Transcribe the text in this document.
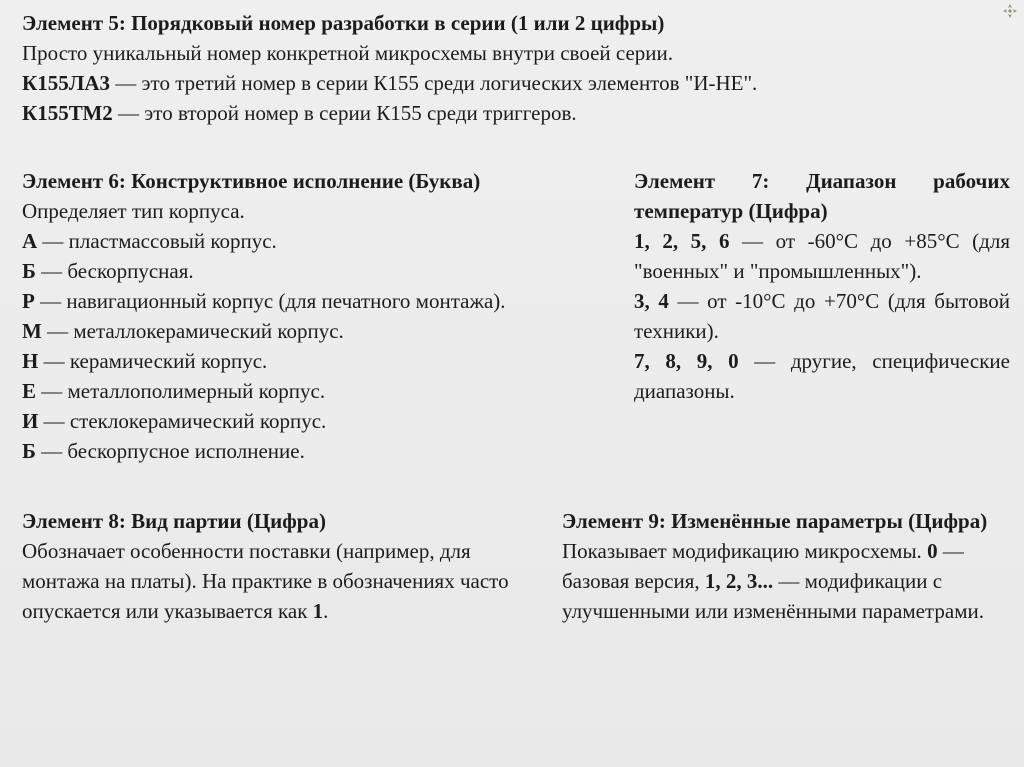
Элемент 5: Порядковый номер разработки в серии (1 или 2 цифры)

Просто уникальный номер конкретной микросхемы внутри своей серии.

К155ЛА3 — это третий номер в серии К155 среди логических элементов "И-НЕ".

К155ТМ2 — это второй номер в серии К155 среди триггеров.

Элемент 6: Конструктивное исполнение (Буква)

Определяет тип корпуса.

А — пластмассовый корпус.

Б — бескорпусная.

Р — навигационный корпус (для печатного монтажа).

М — металлокерамический корпус.

Н — керамический корпус.

Е — металлополимерный корпус.

И — стеклокерамический корпус.

Б — бескорпусное исполнение.

Элемент 7: Диапазон рабочих температур (Цифра)

1, 2, 5, 6 — от -60°C до +85°C (для "военных" и "промышленных").

3, 4 — от -10°C до +70°C (для бытовой техники).

7, 8, 9, 0 — другие, специфические диапазоны.

Элемент 8: Вид партии (Цифра)

Обозначает особенности поставки (например, для монтажа на платы). На практике в обозначениях часто опускается или указывается как 1.

Элемент 9: Изменённые параметры (Цифра)

Показывает модификацию микросхемы. 0 — базовая версия, 1, 2, 3... — модификации с улучшенными или изменёнными параметрами.
